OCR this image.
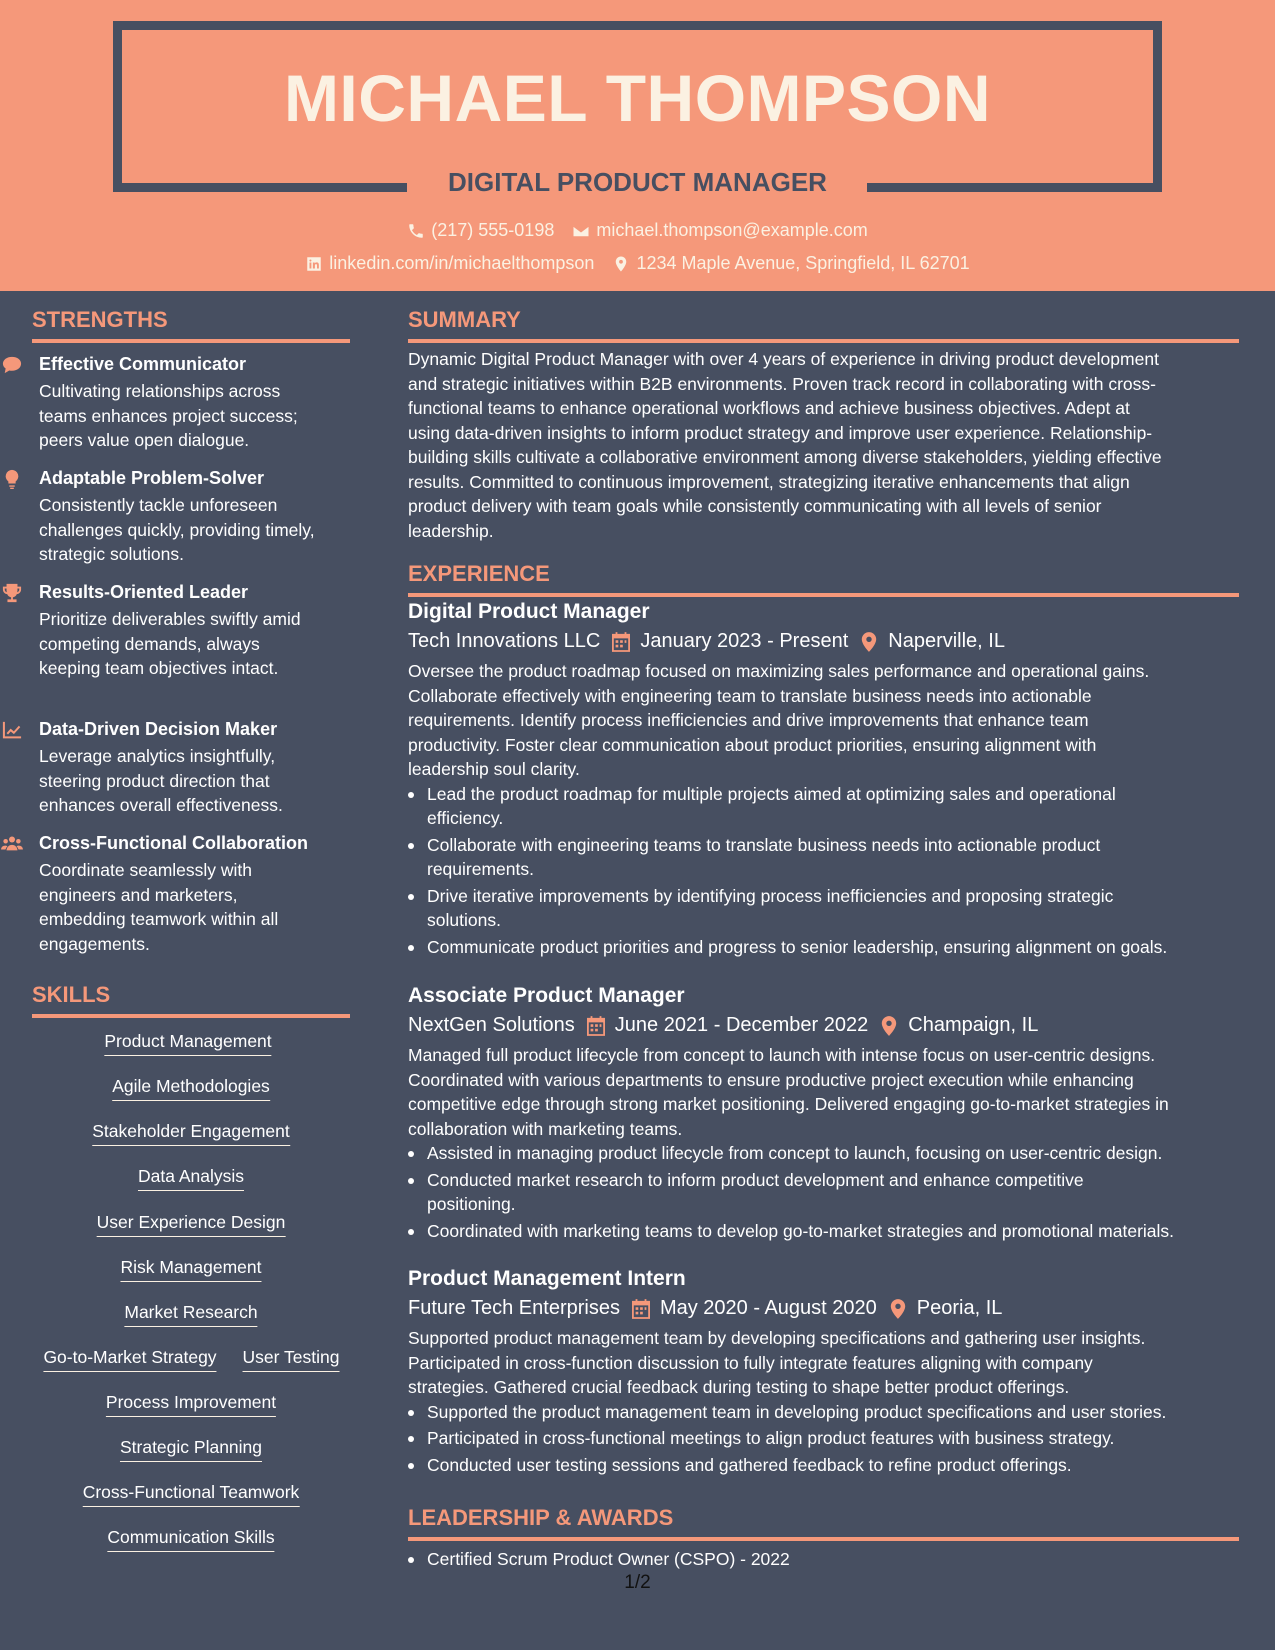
MICHAEL THOMPSON
DIGITAL PRODUCT MANAGER
(217) 555-0198 michael.thompson@example.com
linkedin.com/in/michaelthompson 1234 Maple Avenue, Springfield, IL 62701
STRENGTHS
Effective Communicator
Cultivating relationships across teams enhances project success; peers value open dialogue.
Adaptable Problem-Solver
Consistently tackle unforeseen challenges quickly, providing timely, strategic solutions.
Results-Oriented Leader
Prioritize deliverables swiftly amid competing demands, always keeping team objectives intact.
Data-Driven Decision Maker
Leverage analytics insightfully, steering product direction that enhances overall effectiveness.
Cross-Functional Collaboration
Coordinate seamlessly with engineers and marketers, embedding teamwork within all engagements.
SKILLS
Product Management
Agile Methodologies
Stakeholder Engagement
Data Analysis
User Experience Design
Risk Management
Market Research
Go-to-Market Strategy User Testing
Process Improvement
Strategic Planning
Cross-Functional Teamwork
Communication Skills
SUMMARY
Dynamic Digital Product Manager with over 4 years of experience in driving product development
and strategic initiatives within B2B environments. Proven track record in collaborating with cross-
functional teams to enhance operational workflows and achieve business objectives. Adept at
using data-driven insights to inform product strategy and improve user experience. Relationship-
building skills cultivate a collaborative environment among diverse stakeholders, yielding effective
results. Committed to continuous improvement, strategizing iterative enhancements that align
product delivery with team goals while consistently communicating with all levels of senior
leadership.
EXPERIENCE
Digital Product Manager
Tech Innovations LLC January 2023 - Present Naperville, IL
Oversee the product roadmap focused on maximizing sales performance and operational gains.
Collaborate effectively with engineering team to translate business needs into actionable
requirements. Identify process inefficiencies and drive improvements that enhance team
productivity. Foster clear communication about product priorities, ensuring alignment with
leadership soul clarity.
Lead the product roadmap for multiple projects aimed at optimizing sales and operational
efficiency.
Collaborate with engineering teams to translate business needs into actionable product
requirements.
Drive iterative improvements by identifying process inefficiencies and proposing strategic
solutions.
Communicate product priorities and progress to senior leadership, ensuring alignment on goals.
Associate Product Manager
NextGen Solutions June 2021 - December 2022 Champaign, IL
Managed full product lifecycle from concept to launch with intense focus on user-centric designs.
Coordinated with various departments to ensure productive project execution while enhancing
competitive edge through strong market positioning. Delivered engaging go-to-market strategies in
collaboration with marketing teams.
Assisted in managing product lifecycle from concept to launch, focusing on user-centric design.
Conducted market research to inform product development and enhance competitive
positioning.
Coordinated with marketing teams to develop go-to-market strategies and promotional materials.
Product Management Intern
Future Tech Enterprises May 2020 - August 2020 Peoria, IL
Supported product management team by developing specifications and gathering user insights.
Participated in cross-function discussion to fully integrate features aligning with company
strategies. Gathered crucial feedback during testing to shape better product offerings.
Supported the product management team in developing product specifications and user stories.
Participated in cross-functional meetings to align product features with business strategy.
Conducted user testing sessions and gathered feedback to refine product offerings.
LEADERSHIP & AWARDS
Certified Scrum Product Owner (CSPO) - 2022
1/2
